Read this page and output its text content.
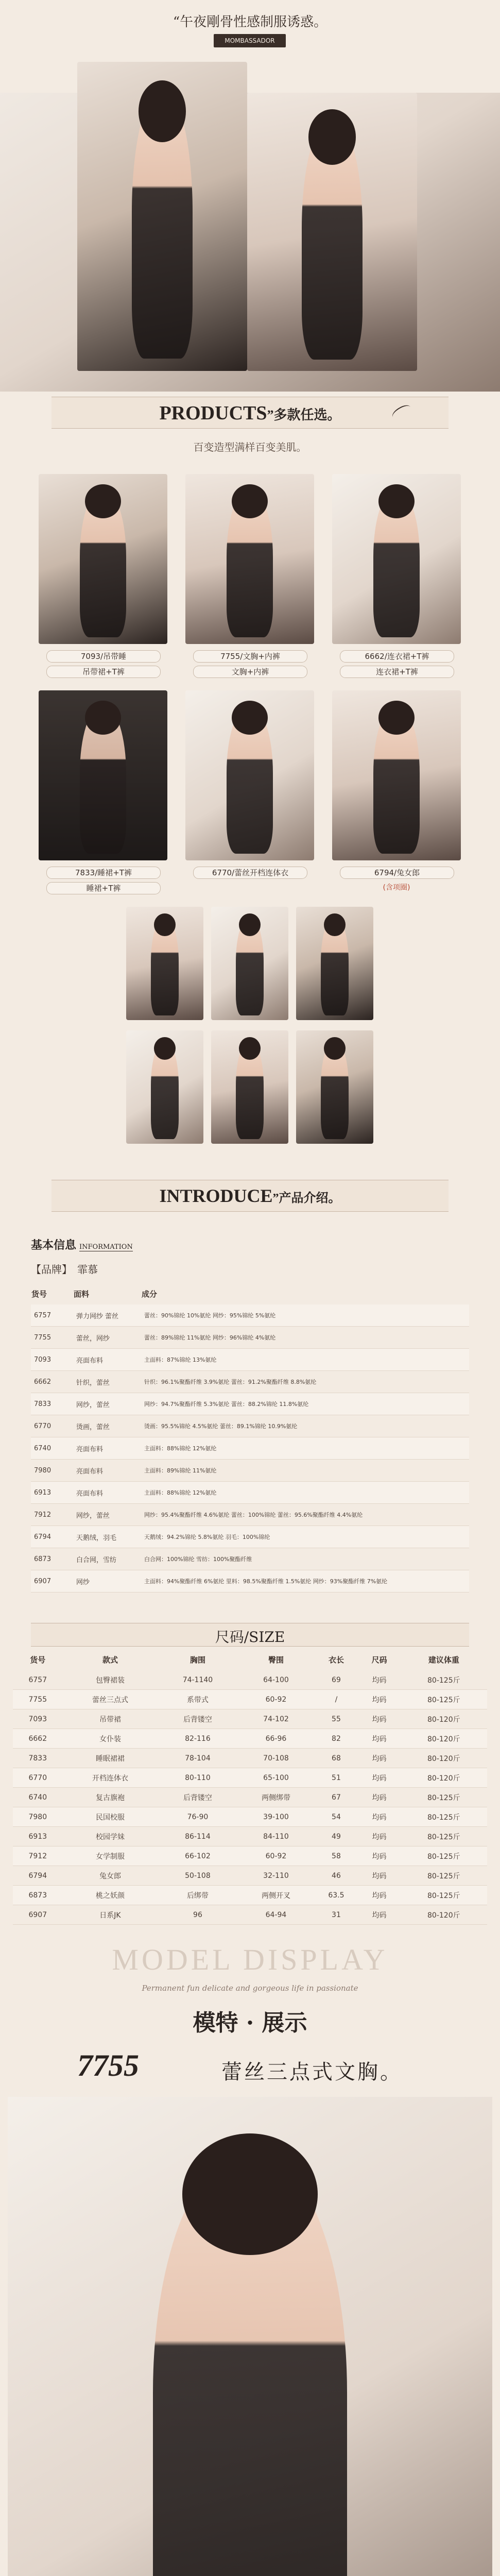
“午夜剛骨性感制服诱惑。
MOMBASSADOR
PRODUCTS”多款任选。
百变造型满样百变美肌。
7093/吊带睡	7755/文胸+内裤	6662/连衣裙+T裤
吊带裙+T裤	文胸+内裤	连衣裙+T裤
7833/睡裙+T裤	6770/蕾丝开档连体衣	6794/兔女郎
睡裙+T裤	(含项圈)
INTRODUCE”产品介绍。
基本信息 INFORMATION
【品牌】 霏慕
货号	面料	成分
6757	弹力网纱 蕾丝	蕾丝：90%锦纶 10%氨纶 网纱：95%锦纶 5%氨纶
7755	蕾丝，网纱	蕾丝：89%锦纶 11%氨纶 网纱：96%锦纶 4%氨纶
7093	亮面布料	主面料：87%锦纶 13%氨纶
6662	针织，蕾丝	针织：96.1%聚酯纤维 3.9%氨纶 蕾丝：91.2%聚酯纤维 8.8%氨纶
7833	网纱，蕾丝	网纱：94.7%聚酯纤维 5.3%氨纶 蕾丝：88.2%锦纶 11.8%氨纶
6770	烫画，蕾丝	烫画：95.5%锦纶 4.5%氨纶 蕾丝：89.1%锦纶 10.9%氨纶
6740	亮面布料	主面料：88%锦纶 12%氨纶
7980	亮面布料	主面料：89%锦纶 11%氨纶
6913	亮面布料	主面料：88%锦纶 12%氨纶
7912	网纱，蕾丝	网纱：95.4%聚酯纤维 4.6%氨纶 蕾丝：100%锦纶 蕾丝：95.6%聚酯纤维 4.4%氨纶
6794	天鹅绒，羽毛	天鹅绒：94.2%锦纶 5.8%氨纶 羽毛：100%锦纶
6873	白合网，雪纺	白合网：100%锦纶 雪纺：100%聚酯纤维
6907	网纱	主面料：94%聚酯纤维 6%氨纶 里料：98.5%聚酯纤维 1.5%氨纶 网纱：93%聚酯纤维 7%氨纶
尺码/SIZE
货号	款式	胸围	臀围	衣长	尺码	建议体重
6757	包臀裙装	74-1140	64-100	69	均码	80-125斤
7755	蕾丝三点式	系带式	60-92	/	均码	80-125斤
7093	吊带裙	后背镂空	74-102	55	均码	80-120斤
6662	女仆装	82-116	66-96	82	均码	80-120斤
7833	睡眠裙裙	78-104	70-108	68	均码	80-120斤
6770	开档连体衣	80-110	65-100	51	均码	80-120斤
6740	复古旗袍	后背镂空	两侧绑带	67	均码	80-125斤
7980	民国校服	76-90	39-100	54	均码	80-125斤
6913	校园学妹	86-114	84-110	49	均码	80-125斤
7912	女学制服	66-102	60-92	58	均码	80-125斤
6794	兔女郎	50-108	32-110	46	均码	80-125斤
6873	桃之妖颜	后绑带	两侧开叉	63.5	均码	80-125斤
6907	日系JK	96	64-94	31	均码	80-120斤
MODEL DISPLAY
Permanent fun delicate and gorgeous life in passionate
模特 · 展示
7755	蕾丝三点式文胸。
